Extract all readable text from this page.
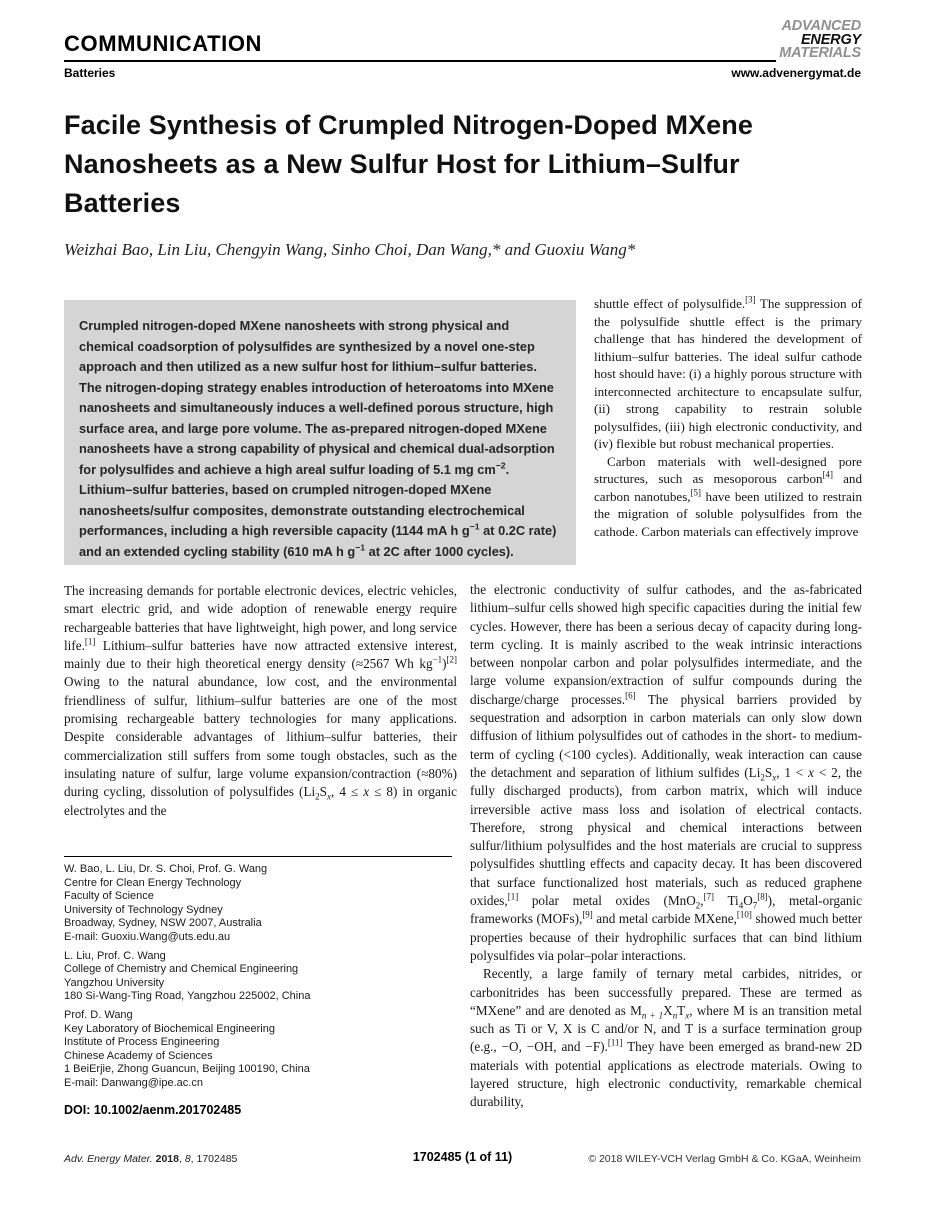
COMMUNICATION
ADVANCED
ENERGY
MATERIALS
Batteries	www.advenergymat.de
Facile Synthesis of Crumpled Nitrogen-Doped MXene Nanosheets as a New Sulfur Host for Lithium–Sulfur Batteries
Weizhai Bao, Lin Liu, Chengyin Wang, Sinho Choi, Dan Wang,* and Guoxiu Wang*

Crumpled nitrogen-doped MXene nanosheets with strong physical and chemical coadsorption of polysulfides are synthesized by a novel one-step approach and then utilized as a new sulfur host for lithium–sulfur batteries. The nitrogen-doping strategy enables introduction of heteroatoms into MXene nanosheets and simultaneously induces a well-defined porous structure, high surface area, and large pore volume. The as-prepared nitrogen-doped MXene nanosheets have a strong capability of physical and chemical dual-adsorption for polysulfides and achieve a high areal sulfur loading of 5.1 mg $cm^{-2}$. Lithium–sulfur batteries, based on crumpled nitrogen-doped MXene nanosheets/sulfur composites, demonstrate outstanding electrochemical performances, including a high reversible capacity (1144 mA h $g^{-1}$ at 0.2C rate) and an extended cycling stability (610 mA h $g^{-1}$ at 2C after 1000 cycles).

shuttle effect of polysulfide.[3] The suppression of the polysulfide shuttle effect is the primary challenge that has hindered the development of lithium–sulfur batteries. The ideal sulfur cathode host should have: (i) a highly porous structure with interconnected architecture to encapsulate sulfur, (ii) strong capability to restrain soluble polysulfides, (iii) high electronic conductivity, and (iv) flexible but robust mechanical properties.

Carbon materials with well-designed pore structures, such as mesoporous carbon[4] and carbon nanotubes,[5] have been utilized to restrain the migration of soluble polysulfides from the cathode. Carbon materials can effectively improve

The increasing demands for portable electronic devices, electric vehicles, smart electric grid, and wide adoption of renewable energy require rechargeable batteries that have lightweight, high power, and long service life.[1] Lithium–sulfur batteries have now attracted extensive interest, mainly due to their high theoretical energy density (≈2567 Wh $kg^{-1})[2]$ Owing to the natural abundance, low cost, and the environmental friendliness of sulfur, lithium–sulfur batteries are one of the most promising rechargeable battery technologies for many applications. Despite considerable advantages of lithium–sulfur batteries, their commercialization still suffers from some tough obstacles, such as the insulating nature of sulfur, large volume expansion/contraction (≈80%) during cycling, dissolution of polysulfides ($Li_2S_x$, 4 ≤ x ≤ 8) in organic electrolytes and the

the electronic conductivity of sulfur cathodes, and the as-fabricated lithium–sulfur cells showed high specific capacities during the initial few cycles. However, there has been a serious decay of capacity during long-term cycling. It is mainly ascribed to the weak intrinsic interactions between nonpolar carbon and polar polysulfides intermediate, and the large volume expansion/extraction of sulfur compounds during the discharge/charge processes.[6] The physical barriers provided by sequestration and adsorption in carbon materials can only slow down diffusion of lithium polysulfides out of cathodes in the short- to medium- term of cycling (<100 cycles). Additionally, weak interaction can cause the detachment and separation of lithium sulfides ($Li_2S_x$, 1 < x < 2, the fully discharged products), from carbon matrix, which will induce irreversible active mass loss and isolation of electrical contacts. Therefore, strong physical and chemical interactions between sulfur/lithium polysulfides and the host materials are crucial to suppress polysulfides shuttling effects and capacity decay. It has been discovered that surface functionalized host materials, such as reduced graphene oxides,[1] polar metal oxides (MnO$_2$,[7] $Ti_4O_7[8]$), metal-organic frameworks (MOFs),[9] and metal carbide MXene,[10] showed much better properties because of their hydrophilic surfaces that can bind lithium polysulfides via polar–polar interactions.

Recently, a large family of ternary metal carbides, nitrides, or carbonitrides has been successfully prepared. These are termed as “MXene” and are denoted as $M_{n + 1}X_nT_x$, where M is an transition metal such as Ti or V, X is C and/or N, and T is a surface termination group (e.g., −O, −OH, and −F).[11] They have been emerged as brand-new 2D materials with potential applications as electrode materials. Owing to layered structure, high electronic conductivity, remarkable chemical durability,

W. Bao, L. Liu, Dr. S. Choi, Prof. G. Wang
Centre for Clean Energy Technology
Faculty of Science
University of Technology Sydney
Broadway, Sydney, NSW 2007, Australia
E-mail: Guoxiu.Wang@uts.edu.au
L. Liu, Prof. C. Wang
College of Chemistry and Chemical Engineering
Yangzhou University
180 Si-Wang-Ting Road, Yangzhou 225002, China
Prof. D. Wang
Key Laboratory of Biochemical Engineering
Institute of Process Engineering
Chinese Academy of Sciences
1 BeiErjie, Zhong Guancun, Beijing 100190, China
E-mail: Danwang@ipe.ac.cn
DOI: 10.1002/aenm.201702485
Adv. Energy Mater. 2018, 8, 1702485	1702485 (1 of 11)	© 2018 WILEY-VCH Verlag GmbH & Co. KGaA, Weinheim
